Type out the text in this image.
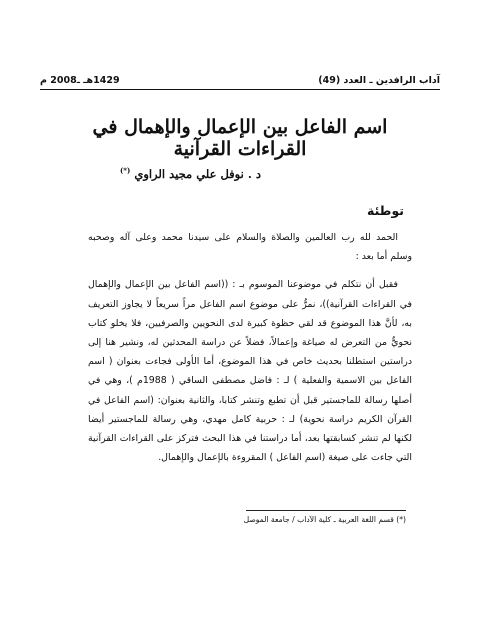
آداب الرافدين ـ العدد (49)
1429هـ ـ2008 م
اسم الفاعل بين الإعمال والإهمال في القراءات القرآنية
د . نوفل علي مجيد الراوي (*)
توطئة

الحمد لله رب العالمين والصلاة والسلام على سيدنا محمد وعلى آله وصحبه وسلم أما بعد :

فقبل أن نتكلم في موضوعنا الموسوم بـ : ((اسم الفاعل بين الإعمال والإهمال في القراءات القرآنية))، نمرُّ على موضوع اسم الفاعل مراً سريعاً لا يجاوز التعريف به، لأنَّ هذا الموضوع قد لقي حظوة كبيرة لدى النحويين والصرفيين، فلا يخلو كتاب نحويٌّ من التعرض له صياغة وإعمالاً، فضلاً عن دراسة المحدثين له، ونشير هنا إلى دراستين استطلنا بحديث خاص في هذا الموضوع، أما الأولى فجاءت بعنوان ( اسم الفاعل بين الاسمية والفعلية ) لـ : فاضل مصطفى الساقي ( 1988م )، وهي في أصلها رسالة للماجستير قبل أن تطبع وتنشر كتابا، والثانية بعنوان: (اسم الفاعل في القرآن الكريم دراسة نحوية) لـ : حربية كامل مهدي، وهي رسالة للماجستير أيضا لكنها لم تنشر كسابقتها بعد، أما دراستنا في هذا البحث فتركز على القراءات القرآنية التي جاءت على صيغة (اسم الفاعل ) المقروءة بالإعمال والإهمال.

(*) قسم اللغة العربية ـ كلية الآداب / جامعة الموصل
